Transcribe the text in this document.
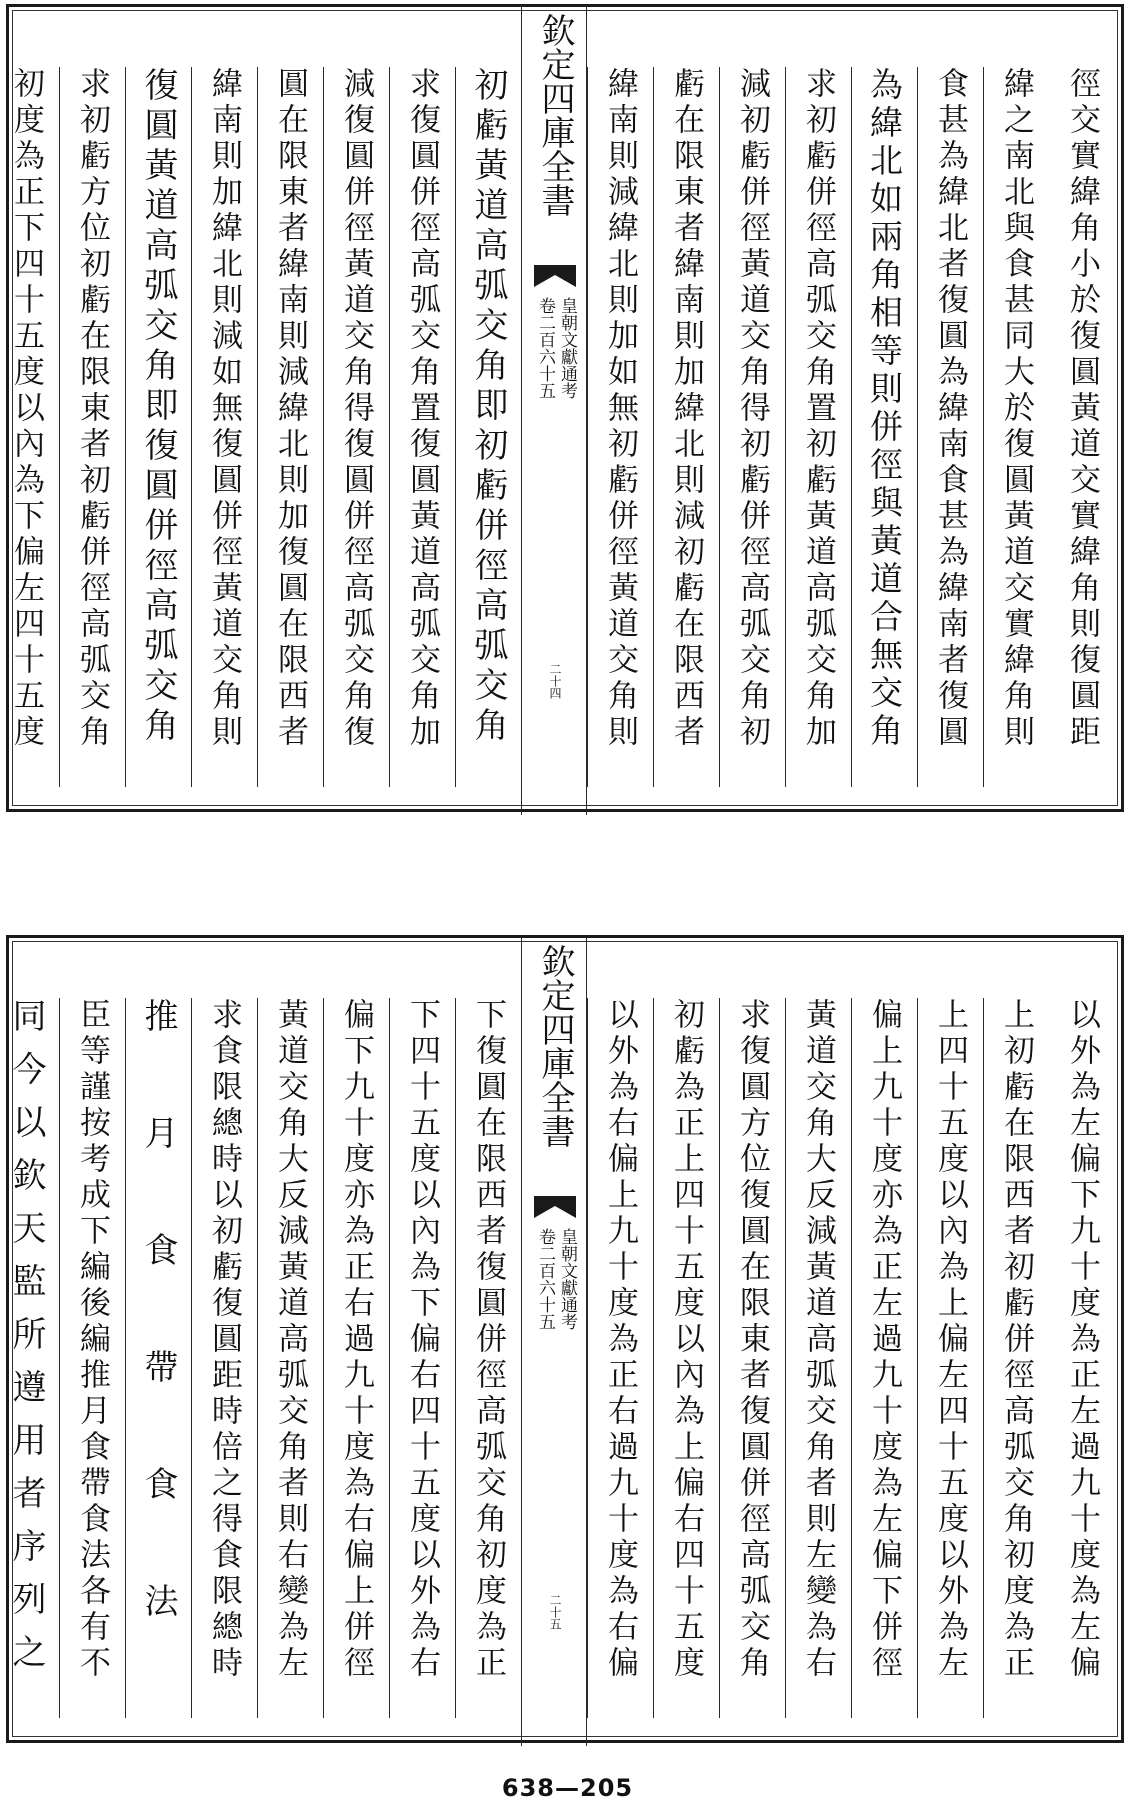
徑交實緯角小於復圓黃道交實緯角則復圓距
緯之南北與食甚同大於復圓黃道交實緯角則
食甚為緯北者復圓為緯南食甚為緯南者復圓
為緯北如兩角相等則併徑與黃道合無交角
求初虧併徑高弧交角置初虧黃道高弧交角加
減初虧併徑黃道交角得初虧併徑高弧交角初
虧在限東者緯南則加緯北則減初虧在限西者
緯南則減緯北則加如無初虧併徑黃道交角則
欽定四庫全書
皇朝文獻通考
卷二百六十五
二十四
初虧黃道高弧交角即初虧併徑高弧交角
求復圓併徑高弧交角置復圓黃道高弧交角加
減復圓併徑黃道交角得復圓併徑高弧交角復
圓在限東者緯南則減緯北則加復圓在限西者
緯南則加緯北則減如無復圓併徑黃道交角則
復圓黃道高弧交角即復圓併徑高弧交角
求初虧方位初虧在限東者初虧併徑高弧交角
初度為正下四十五度以內為下偏左四十五度
以外為左偏下九十度為正左過九十度為左偏
上初虧在限西者初虧併徑高弧交角初度為正
上四十五度以內為上偏左四十五度以外為左
偏上九十度亦為正左過九十度為左偏下併徑
黃道交角大反減黃道高弧交角者則左變為右
求復圓方位復圓在限東者復圓併徑高弧交角
初虧為正上四十五度以內為上偏右四十五度
以外為右偏上九十度為正右過九十度為右偏
欽定四庫全書
皇朝文獻通考
卷二百六十五
二十五
下復圓在限西者復圓併徑高弧交角初度為正
下四十五度以內為下偏右四十五度以外為右
偏下九十度亦為正右過九十度為右偏上併徑
黃道交角大反減黃道高弧交角者則右變為左
求食限總時以初虧復圓距時倍之得食限總時
推月食帶食法
臣等謹按考成下編後編推月食帶食法各有不
同今以欽天監所遵用者序列之
638—205
